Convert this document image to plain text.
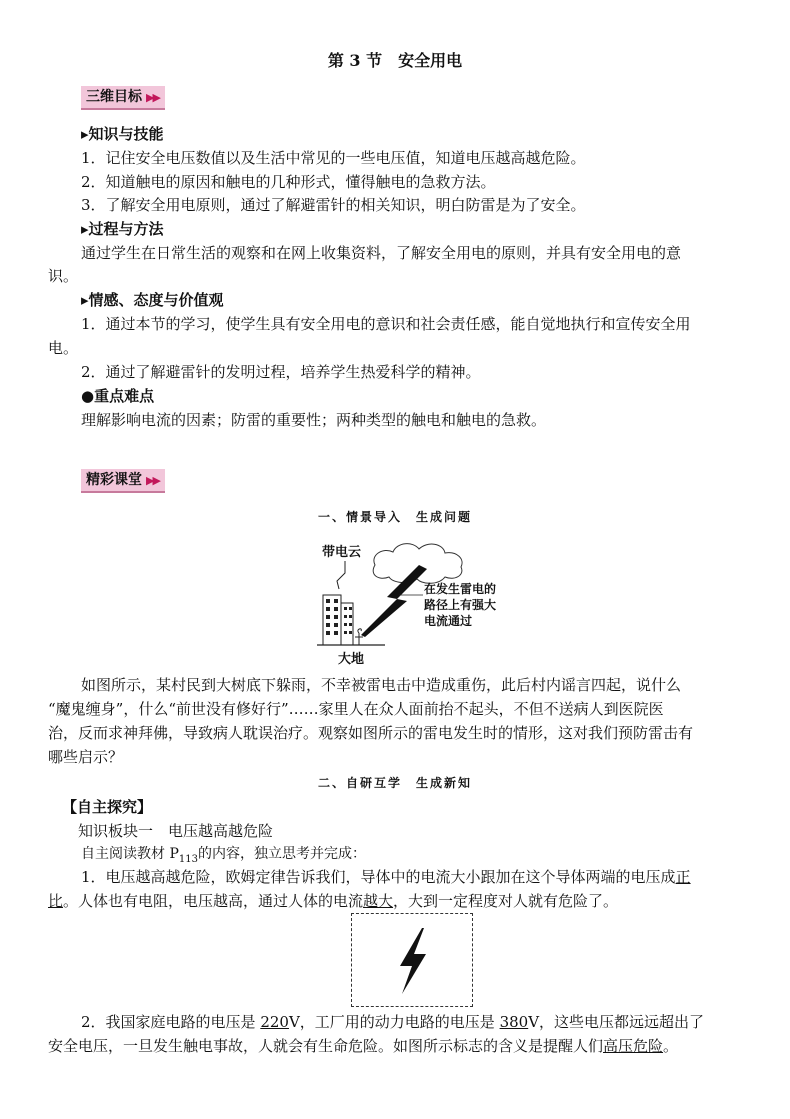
第 3 节　安全用电
三维目标 ▶▶
▸知识与技能
1．记住安全电压数值以及生活中常见的一些电压值，知道电压越高越危险。
2．知道触电的原因和触电的几种形式，懂得触电的急救方法。
3．了解安全用电原则，通过了解避雷针的相关知识，明白防雷是为了安全。
▸过程与方法
通过学生在日常生活的观察和在网上收集资料，了解安全用电的原则，并具有安全用电的意
识。
▸情感、态度与价值观
1．通过本节的学习，使学生具有安全用电的意识和社会责任感，能自觉地执行和宣传安全用
电。
2．通过了解避雷针的发明过程，培养学生热爱科学的精神。
●重点难点
理解影响电流的因素；防雷的重要性；两种类型的触电和触电的急救。
精彩课堂 ▶▶
一、情景导入　生成问题
带电云
在发生雷电的
路径上有强大
电流通过
大地
如图所示，某村民到大树底下躲雨，不幸被雷电击中造成重伤，此后村内谣言四起，说什么
“魔鬼缠身”，什么“前世没有修好行”……家里人在众人面前抬不起头，不但不送病人到医院医
治，反而求神拜佛，导致病人耽误治疗。观察如图所示的雷电发生时的情形，这对我们预防雷击有
哪些启示？
二、自研互学　生成新知
【自主探究】
知识板块一　电压越高越危险
自主阅读教材 $P_{113}$的内容，独立思考并完成：
1．电压越高越危险，欧姆定律告诉我们，导体中的电流大小跟加在这个导体两端的电压成正
比。人体也有电阻，电压越高，通过人体的电流越大，大到一定程度对人就有危险了。
2．我国家庭电路的电压是 220V，工厂用的动力电路的电压是 380V，这些电压都远远超出了
安全电压，一旦发生触电事故，人就会有生命危险。如图所示标志的含义是提醒人们高压危险。
